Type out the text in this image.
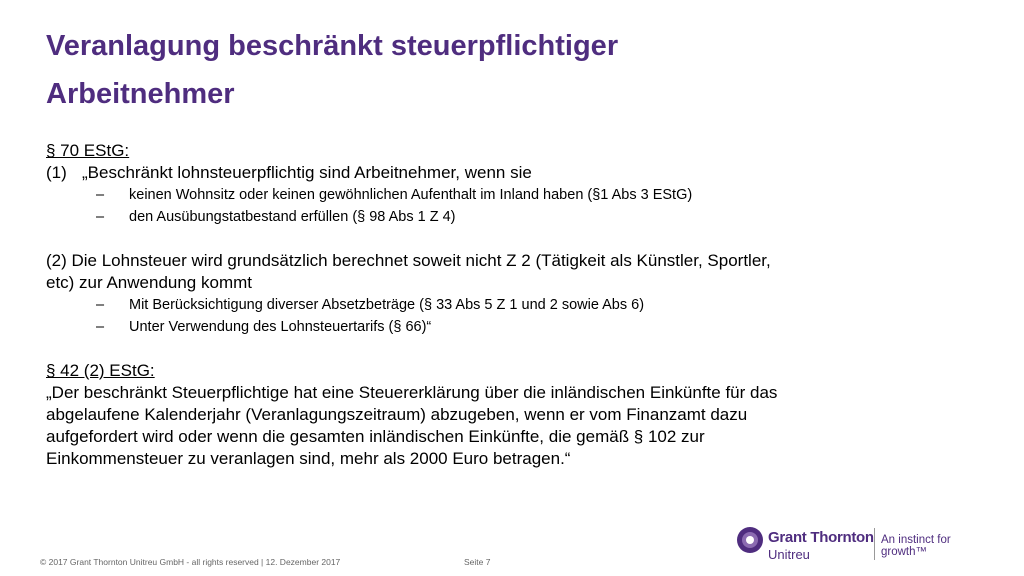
Veranlagung beschränkt steuerpflichtiger
Arbeitnehmer

§ 70 EStG:

(1) „Beschränkt lohnsteuerpflichtig sind Arbeitnehmer, wenn sie

– keinen Wohnsitz oder keinen gewöhnlichen Aufenthalt im Inland haben (§1 Abs 3 EStG)
– den Ausübungstatbestand erfüllen (§ 98 Abs 1 Z 4)

(2) Die Lohnsteuer wird grundsätzlich berechnet soweit nicht Z 2 (Tätigkeit als Künstler, Sportler,

etc) zur Anwendung kommt

– Mit Berücksichtigung diverser Absetzbeträge (§ 33 Abs 5 Z 1 und 2 sowie Abs 6)
– Unter Verwendung des Lohnsteuertarifs (§ 66)“

§ 42 (2) EStG:

„Der beschränkt Steuerpflichtige hat eine Steuererklärung über die inländischen Einkünfte für das

abgelaufene Kalenderjahr (Veranlagungszeitraum) abzugeben, wenn er vom Finanzamt dazu

aufgefordert wird oder wenn die gesamten inländischen Einkünfte, die gemäß § 102 zur

Einkommensteuer zu veranlagen sind, mehr als 2000 Euro betragen.“

© 2017 Grant Thornton Unitreu GmbH - all rights reserved | 12. Dezember 2017	Seite 7
Grant Thornton
Unitreu
An instinct for growth™
